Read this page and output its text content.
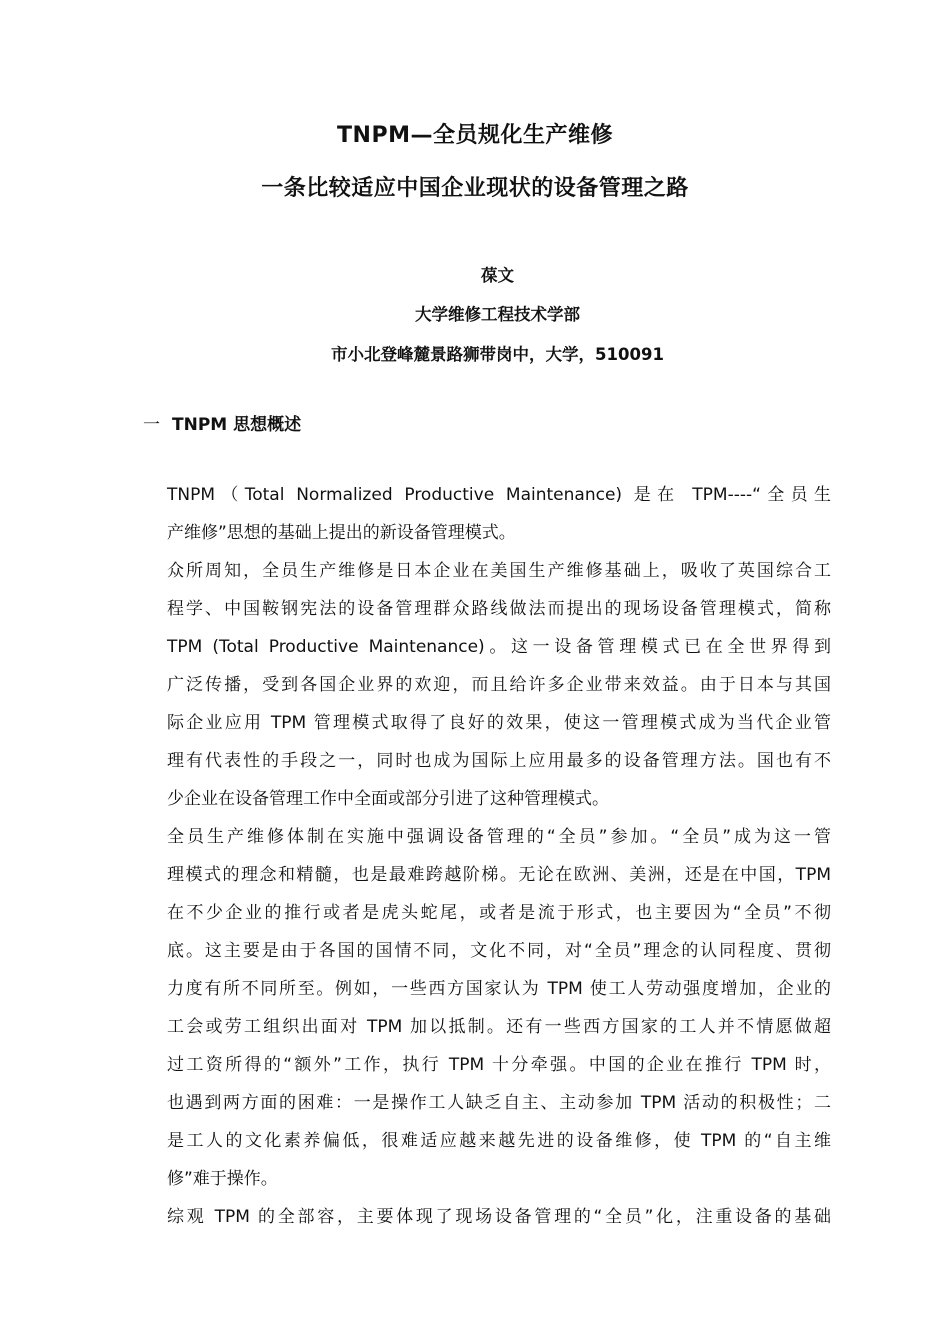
TNPM—全员规化生产维修
一条比较适应中国企业现状的设备管理之路
葆文
大学维修工程技术学部
市小北登峰麓景路狮带岗中，大学，510091
一 TNPM 思想概述
TNPM（Total Normalized Productive Maintenance) 是在 TPM----“全员生
产维修”思想的基础上提出的新设备管理模式。
众所周知，全员生产维修是日本企业在美国生产维修基础上，吸收了英国综合工
程学、中国鞍钢宪法的设备管理群众路线做法而提出的现场设备管理模式，简称
TPM (Total Productive Maintenance)。这一设备管理模式已在全世界得到
广泛传播，受到各国企业界的欢迎，而且给许多企业带来效益。由于日本与其国
际企业应用 TPM 管理模式取得了良好的效果，使这一管理模式成为当代企业管
理有代表性的手段之一，同时也成为国际上应用最多的设备管理方法。国也有不
少企业在设备管理工作中全面或部分引进了这种管理模式。
全员生产维修体制在实施中强调设备管理的“全员”参加。“全员”成为这一管
理模式的理念和精髓，也是最难跨越阶梯。无论在欧洲、美洲，还是在中国，TPM
在不少企业的推行或者是虎头蛇尾，或者是流于形式，也主要因为“全员”不彻
底。这主要是由于各国的国情不同，文化不同，对“全员”理念的认同程度、贯彻
力度有所不同所至。例如，一些西方国家认为 TPM 使工人劳动强度增加，企业的
工会或劳工组织出面对 TPM 加以抵制。还有一些西方国家的工人并不情愿做超
过工资所得的“额外”工作，执行 TPM 十分牵强。中国的企业在推行 TPM 时，
也遇到两方面的困难：一是操作工人缺乏自主、主动参加 TPM 活动的积极性；二
是工人的文化素养偏低，很难适应越来越先进的设备维修，使 TPM 的“自主维
修”难于操作。
综观 TPM 的全部容，主要体现了现场设备管理的“全员”化，注重设备的基础
